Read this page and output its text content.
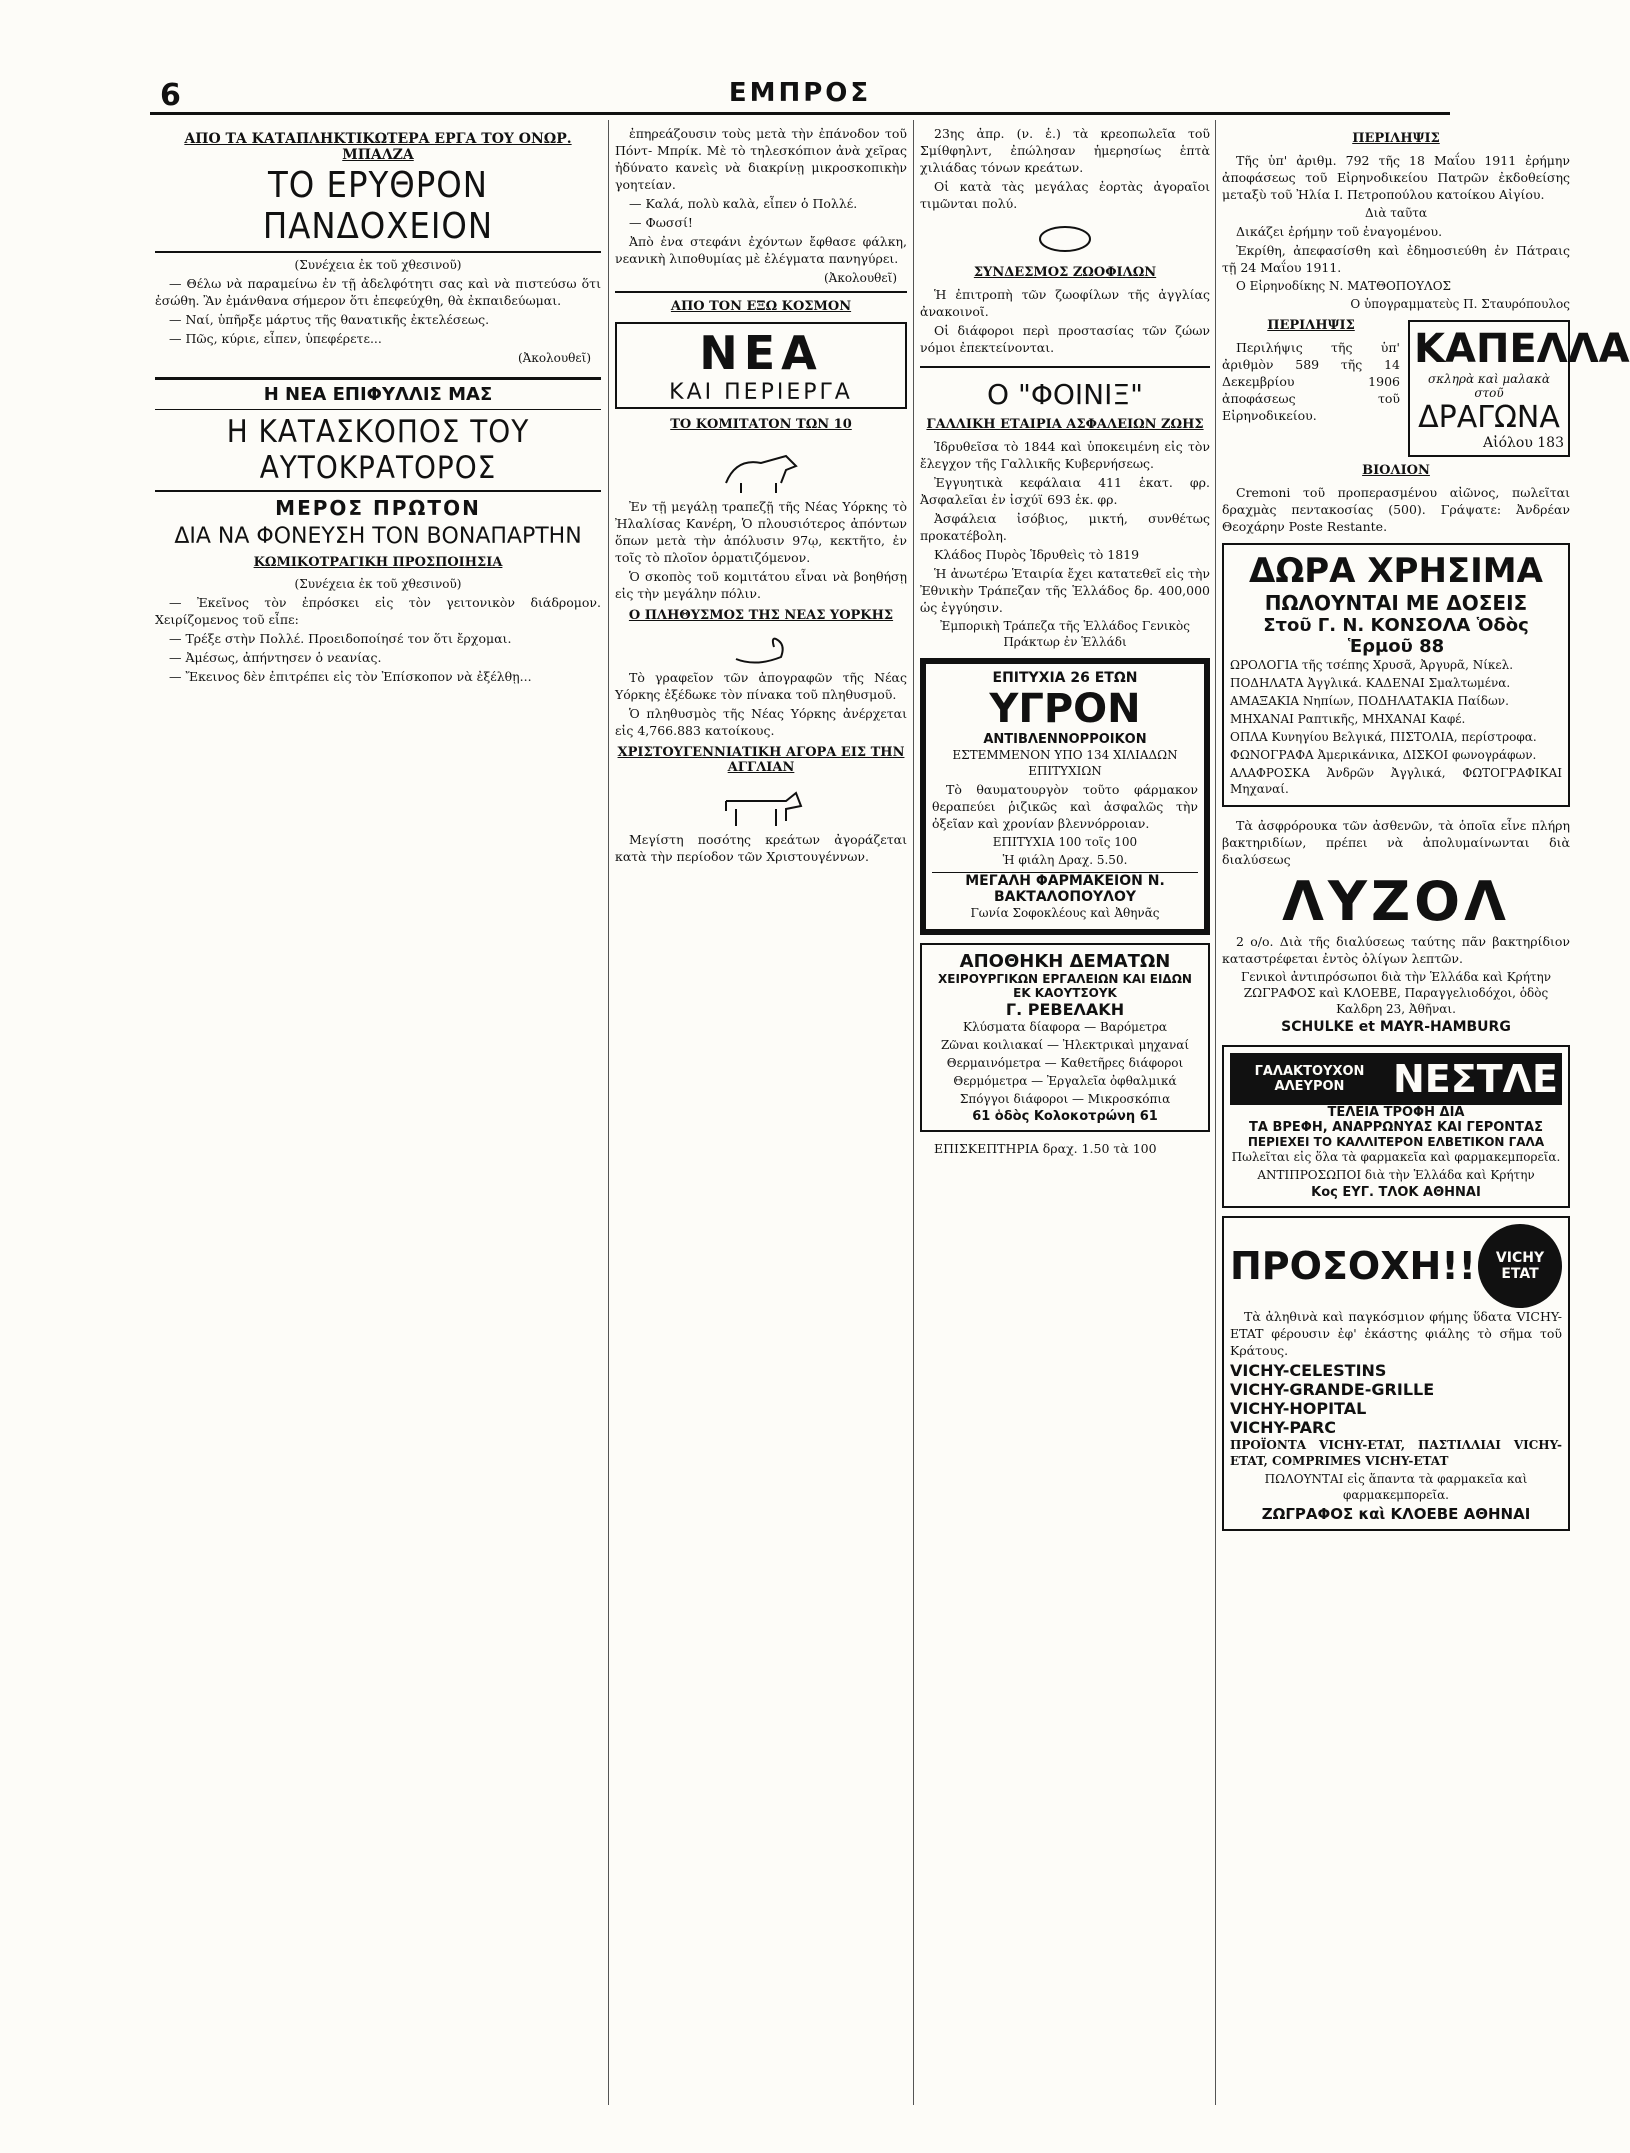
6	ΕΜΠΡΟΣ
ΑΠΟ ΤΑ ΚΑΤΑΠΛΗΚΤΙΚΩΤΕΡΑ ΕΡΓΑ ΤΟΥ ΟΝΩΡ. ΜΠΑΛΖΑ
ΤΟ ΕΡΥΘΡΟΝ ΠΑΝΔΟΧΕΙΟΝ

(Συνέχεια ἐκ τοῦ χθεσινοῦ)

— Θέλω νὰ παραμείνω ἐν τῇ ἀδελφότητι σας καὶ νὰ πιστεύσω ὅτι ἐσώθη. Ἂν ἐμάνθανα σήμερον ὅτι ἐπεφεύχθη, θὰ ἐκπαιδεύωμαι.

— Ναί, ὑπῆρξε μάρτυς τῆς θανατικῆς ἐκτελέσεως.

— Πῶς, κύριε, εἶπεν, ὑπεφέρετε...

(Ἀκολουθεῖ)
Η ΝΕΑ ΕΠΙΦΥΛΛΙΣ ΜΑΣ
Η ΚΑΤΑΣΚΟΠΟΣ ΤΟΥ ΑΥΤΟΚΡΑΤΟΡΟΣ
ΜΕΡΟΣ ΠΡΩΤΟΝ
ΔΙΑ ΝΑ ΦΟΝΕΥΣΗ ΤΟΝ ΒΟΝΑΠΑΡΤΗΝ
ΚΩΜΙΚΟΤΡΑΓΙΚΗ ΠΡΟΣΠΟΙΗΣΙΑ

(Συνέχεια ἐκ τοῦ χθεσινοῦ)

— Ἐκεῖνος τὸν ἐπρόσκει εἰς τὸν γειτονικὸν διάδρομον. Χειρίζομενος τοῦ εἶπε:

— Τρέξε στὴν Πολλέ. Προειδοποίησέ τον ὅτι ἔρχομαι.

— Ἀμέσως, ἀπήντησεν ὁ νεανίας.

— Ἔκεινος δὲν ἐπιτρέπει εἰς τὸν Ἐπίσκοπον νὰ ἐξέλθῃ...

ἐπηρεάζουσιν τοὺς μετὰ τὴν ἐπάνοδον τοῦ Πόντ- Μπρίκ. Μὲ τὸ τηλεσκόπιον ἀνὰ χεῖρας ἠδύνατο κανεὶς νὰ διακρίνῃ μικροσκοπικὴν γοητείαν.

— Καλά, πολὺ καλὰ, εἶπεν ὁ Πολλέ.

— Φωσσί!

Ἀπὸ ἐνα στεφάνι ἐχόντων ἔφθασε φάλκη, νεανικὴ λιποθυμίας μὲ ἐλέγματα πανηγύρει.

(Ἀκολουθεῖ)
ΑΠΟ ΤΟΝ ΕΞΩ ΚΟΣΜΟΝ
ΝΕΑ
ΚΑΙ ΠΕΡΙΕΡΓΑ
ΤΟ ΚΟΜΙΤΑΤΟΝ ΤΩΝ 10

Ἐν τῇ μεγάλῃ τραπεζῇ τῆς Νέας Υόρκης τὸ Ἠλαλίσας Κανέρη, Ὁ πλουσιότερος ἀπόντων ὅπων μετὰ τὴν ἀπόλυσιν 97ῳ, κεκτῆτο, ἐν τοῖς τὸ πλοῖον ὁρματιζόμενον.

Ὁ σκοπὸς τοῦ κομιτάτου εἶναι νὰ βοηθήσῃ εἰς τὴν μεγάλην πόλιν.

Ο ΠΛΗΘΥΣΜΟΣ ΤΗΣ ΝΕΑΣ ΥΟΡΚΗΣ

Τὸ γραφεῖον τῶν ἀπογραφῶν τῆς Νέας Υόρκης ἐξέδωκε τὸν πίνακα τοῦ πληθυσμοῦ.

Ὁ πληθυσμὸς τῆς Νέας Υόρκης ἀνέρχεται εἰς 4,766.883 κατοίκους.

ΧΡΙΣΤΟΥΓΕΝΝΙΑΤΙΚΗ ΑΓΟΡΑ ΕΙΣ ΤΗΝ ΑΓΓΛΙΑΝ

Μεγίστη ποσότης κρεάτων ἀγοράζεται κατὰ τὴν περίοδον τῶν Χριστουγέννων.

23ης ἀπρ. (ν. ἑ.) τὰ κρεοπωλεῖα τοῦ Σμίθφηλντ, ἐπώλησαν ἡμερησίως ἑπτὰ χιλιάδας τόνων κρεάτων.

Οἱ κατὰ τὰς μεγάλας ἐορτὰς ἀγοραῖοι τιμῶνται πολύ.

ΣΥΝΔΕΣΜΟΣ ΖΩΟΦΙΛΩΝ

Ἡ ἐπιτροπὴ τῶν ζωοφίλων τῆς ἀγγλίας ἀνακοινοῖ.

Οἱ διάφοροι περὶ προστασίας τῶν ζώων νόμοι ἐπεκτείνονται.

Ο "ΦΟΙΝΙΞ"
ΓΑΛΛΙΚΗ ΕΤΑΙΡΙΑ ΑΣΦΑΛΕΙΩΝ ΖΩΗΣ

Ἱδρυθεῖσα τὸ 1844 καὶ ὑποκειμένη εἰς τὸν ἔλεγχον τῆς Γαλλικῆς Κυβερνήσεως.

Ἐγγυητικὰ κεφάλαια 411 ἑκατ. φρ. Ἀσφαλεῖαι ἐν ἰσχύϊ 693 ἑκ. φρ.

Ἀσφάλεια ἰσόβιος, μικτή, συνθέτως προκατέβολη.

Κλάδος Πυρὸς Ἱδρυθεὶς τὸ 1819

Ἡ ἀνωτέρω Ἑταιρία ἔχει κατατεθεῖ εἰς τὴν Ἐθνικὴν Τράπεζαν τῆς Ἑλλάδος δρ. 400,000 ὡς ἐγγύησιν.

Ἐμπορικὴ Τράπεζα τῆς Ἑλλάδος Γενικὸς Πράκτωρ ἐν Ἑλλάδι

ΕΠΙΤΥΧΙΑ 26 ΕΤΩΝ
ΥΓΡΟΝ
ΑΝΤΙΒΛΕΝΝΟΡΡΟΙΚΟΝ

ΕΣΤΕΜΜΕΝΟΝ ΥΠΟ 134 ΧΙΛΙΑΔΩΝ ΕΠΙΤΥΧΙΩΝ

Τὸ θαυματουργὸν τοῦτο φάρμακον θεραπεύει ῥιζικῶς καὶ ἀσφαλῶς τὴν ὀξεῖαν καὶ χρονίαν βλεννόρροιαν.

ΕΠΙΤΥΧΙΑ 100 τοῖς 100

Ἡ φιάλη Δραχ. 5.50.

ΜΕΓΑΛΗ ΦΑΡΜΑΚΕΙΟΝ Ν. ΒΑΚΤΑΛΟΠΟΥΛΟΥ

Γωνία Σοφοκλέους καὶ Ἀθηνᾶς

ΑΠΟΘΗΚΗ ΔΕΜΑΤΩΝ
ΧΕΙΡΟΥΡΓΙΚΩΝ ΕΡΓΑΛΕΙΩΝ ΚΑΙ ΕΙΔΩΝ ΕΚ ΚΑΟΥΤΣΟΥΚ
Γ. ΡΕΒΕΛΑΚΗ

Κλύσματα δίαφορα — Βαρόμετρα

Ζῶναι κοιλιακαί — Ἠλεκτρικαὶ μηχαναί

Θερμαινόμετρα — Καθετῆρες διάφοροι

Θερμόμετρα — Ἐργαλεῖα ὀφθαλμικά

Σπόγγοι διάφοροι — Μικροσκόπια

61 ὁδὸς Κολοκοτρώνη 61

ΕΠΙΣΚΕΠΤΗΡΙΑ δραχ. 1.50 τὰ 100

ΠΕΡΙΛΗΨΙΣ

Τῆς ὑπ' ἀριθμ. 792 τῆς 18 Μαΐου 1911 ἐρήμην ἀποφάσεως τοῦ Εἰρηνοδικείου Πατρῶν ἐκδοθείσης μεταξὺ τοῦ Ἠλία Ι. Πετροπούλου κατοίκου Αἰγίου.

Διὰ ταῦτα

Δικάζει ἐρήμην τοῦ ἐναγομένου.

Ἐκρίθη, ἀπεφασίσθη καὶ ἐδημοσιεύθη ἐν Πάτραις τῇ 24 Μαΐου 1911.

Ο Εἰρηνοδίκης Ν. ΜΑΤΘΟΠΟΥΛΟΣ

Ο ὑπογραμματεὺς Π. Σταυρόπουλος

ΚΑΠΕΛΛΑ
σκληρὰ καὶ μαλακὰ στοῦ
ΔΡΑΓΩΝΑ
Αἰόλου 183
ΠΕΡΙΛΗΨΙΣ

Περιλήψις τῆς ὑπ' ἀριθμὸν 589 τῆς 14 Δεκεμβρίου 1906 ἀποφάσεως τοῦ Εἰρηνοδικείου.

ΒΙΟΛΙΟΝ

Cremoni τοῦ προπερασμένου αἰῶνος, πωλεῖται δραχμὰς πεντακοσίας (500). Γράψατε: Ἀνδρέαν Θεοχάρην Poste Restante.

ΔΩΡΑ ΧΡΗΣΙΜΑ
ΠΩΛΟΥΝΤΑΙ ΜΕ ΔΟΣΕΙΣ
Στοῦ Γ. Ν. ΚΟΝΣΟΛΑ Ὁδὸς Ἑρμοῦ 88

ΩΡΟΛΟΓΙΑ τῆς τσέπης Χρυσᾶ, Ἀργυρᾶ, Νίκελ.

ΠΟΔΗΛΑΤΑ Ἀγγλικά. ΚΑΔΕΝΑΙ Σμαλτωμένα.

ΑΜΑΞΑΚΙΑ Νηπίων, ΠΟΔΗΛΑΤΑΚΙΑ Παίδων.

ΜΗΧΑΝΑΙ Ραπτικῆς, ΜΗΧΑΝΑΙ Καφέ.

ΟΠΛΑ Κυνηγίου Βελγικά, ΠΙΣΤΟΛΙΑ, περίστροφα.

ΦΩΝΟΓΡΑΦΑ Ἀμερικάνικα, ΔΙΣΚΟΙ φωνογράφων.

ΑΛΑΦΡΟΣΚΑ Ἀνδρῶν Ἀγγλικά, ΦΩΤΟΓΡΑΦΙΚΑΙ Μηχαναί.

Τὰ ἀσφρόρουκα τῶν ἀσθενῶν, τὰ ὁποῖα εἶνε πλήρη βακτηριδίων, πρέπει νὰ ἀπολυμαίνωνται διὰ διαλύσεως

ΛΥΖΟΛ

2 ο/ο. Διὰ τῆς διαλύσεως ταύτης πᾶν βακτηρίδιον καταστρέφεται ἐντὸς ὀλίγων λεπτῶν.

Γενικοὶ ἀντιπρόσωποι διὰ τὴν Ἑλλάδα καὶ Κρήτην ΖΩΓΡΑΦΟΣ καὶ ΚΛΟΕΒΕ, Παραγγελιοδόχοι, ὁδὸς Καλδρη 23, Ἀθῆναι.

SCHULKE et MAYR-HAMBURG
ΓΑΛΑΚΤΟΥΧΟΝ ΑΛΕΥΡΟΝ	ΝΕΣΤΛΕ
ΤΕΛΕΙΑ ΤΡΟΦΗ ΔΙΑ
ΤΑ ΒΡΕΦΗ, ΑΝΑΡΡΩΝΥΑΣ ΚΑΙ ΓΕΡΟΝΤΑΣ
ΠΕΡΙΕΧΕΙ ΤΟ ΚΑΛΛΙΤΕΡΟΝ ΕΛΒΕΤΙΚΟΝ ΓΑΛΑ

Πωλεῖται εἰς ὅλα τὰ φαρμακεῖα καὶ φαρμακεμπορεῖα.

ΑΝΤΙΠΡΟΣΩΠΟΙ διὰ τὴν Ἑλλάδα καὶ Κρήτην

Κος ΕΥΓ. ΤΛΟΚ ΑΘΗΝΑΙ
ΠΡΟΣΟΧΗ!!	VICHY ETAT

Τὰ ἀληθινὰ καὶ παγκόσμιον φήμης ὕδατα VICHY-ETAT φέρουσιν ἐφ' ἐκάστης φιάλης τὸ σῆμα τοῦ Κράτους.

VICHY-CELESTINS
VICHY-GRANDE-GRILLE
VICHY-HOPITAL
VICHY-PARC

ΠΡΟΪΟΝΤΑ VICHY-ETAT, ΠΑΣΤΙΛΛΙΑΙ VICHY-ETAT, COMPRIMES VICHY-ETAT

ΠΩΛΟΥΝΤΑΙ εἰς ἅπαντα τὰ φαρμακεῖα καὶ φαρμακεμπορεῖα.

ΖΩΓΡΑΦΟΣ καὶ ΚΛΟΕΒΕ ΑΘΗΝΑΙ
